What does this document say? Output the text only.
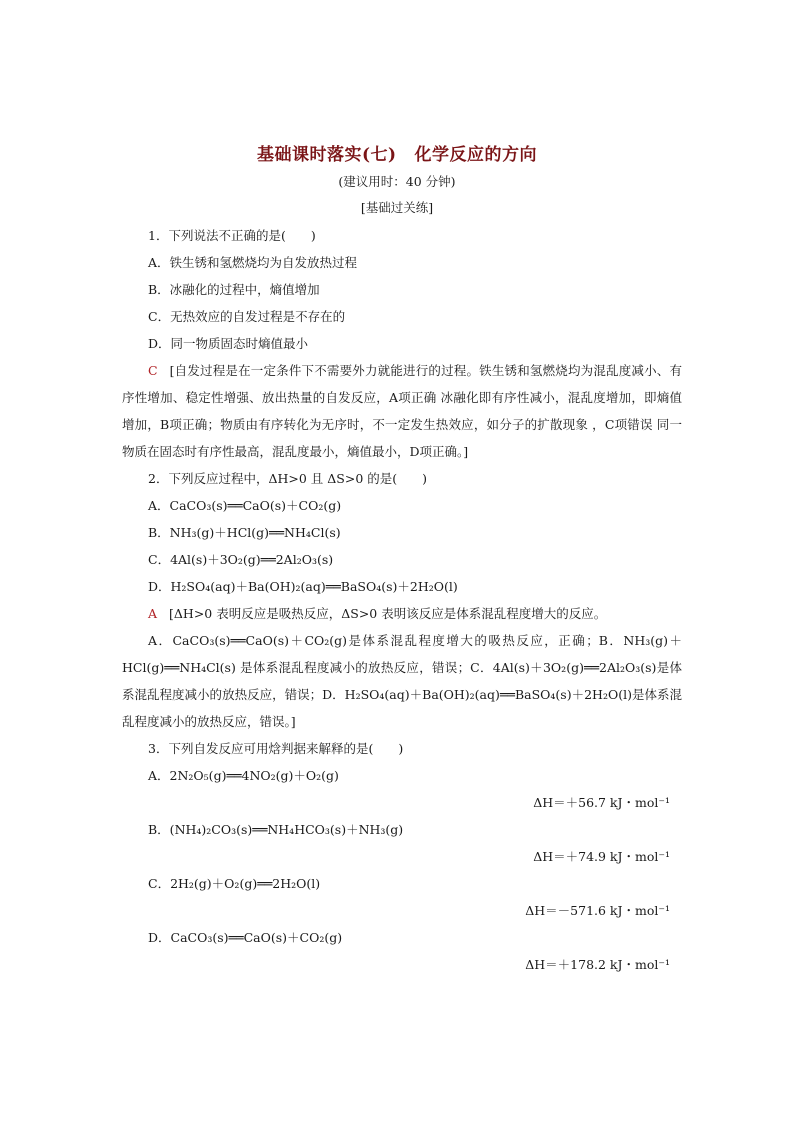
基础课时落实(七) 化学反应的方向
(建议用时：40 分钟)
[基础过关练]
1．下列说法不正确的是(　　)
A．铁生锈和氢燃烧均为自发放热过程
B．冰融化的过程中，熵值增加
C．无热效应的自发过程是不存在的
D．同一物质固态时熵值最小
C [自发过程是在一定条件下不需要外力就能进行的过程。铁生锈和氢燃烧均为混乱度减小、有序性增加、稳定性增强、放出热量的自发反应，A项正确 冰融化即有序性减小，混乱度增加，即熵值增加，B项正确；物质由有序转化为无序时，不一定发生热效应，如分子的扩散现象 ，C项错误 同一物质在固态时有序性最高，混乱度最小，熵值最小，D项正确。]
2．下列反应过程中，ΔH>0 且 ΔS>0 的是(　　)
A．CaCO₃(s)══CaO(s)＋CO₂(g)
B．NH₃(g)＋HCl(g)══NH₄Cl(s)
C．4Al(s)＋3O₂(g)══2Al₂O₃(s)
D．H₂SO₄(aq)＋Ba(OH)₂(aq)══BaSO₄(s)＋2H₂O(l)
A [ΔH>0 表明反应是吸热反应，ΔS>0 表明该反应是体系混乱程度增大的反应。
A．CaCO₃(s)══CaO(s)＋CO₂(g)是体系混乱程度增大的吸热反应，正确；B．NH₃(g)＋HCl(g)══NH₄Cl(s) 是体系混乱程度减小的放热反应，错误；C．4Al(s)＋3O₂(g)══2Al₂O₃(s)是体系混乱程度减小的放热反应，错误；D．H₂SO₄(aq)＋Ba(OH)₂(aq)══BaSO₄(s)＋2H₂O(l)是体系混乱程度减小的放热反应，错误。]
3．下列自发反应可用焓判据来解释的是(　　)
A．2N₂O₅(g)══4NO₂(g)＋O₂(g)
ΔH＝＋56.7 kJ・mol⁻¹
B．(NH₄)₂CO₃(s)══NH₄HCO₃(s)＋NH₃(g)
ΔH＝＋74.9 kJ・mol⁻¹
C．2H₂(g)＋O₂(g)══2H₂O(l)
ΔH＝－571.6 kJ・mol⁻¹
D．CaCO₃(s)══CaO(s)＋CO₂(g)
ΔH＝＋178.2 kJ・mol⁻¹
